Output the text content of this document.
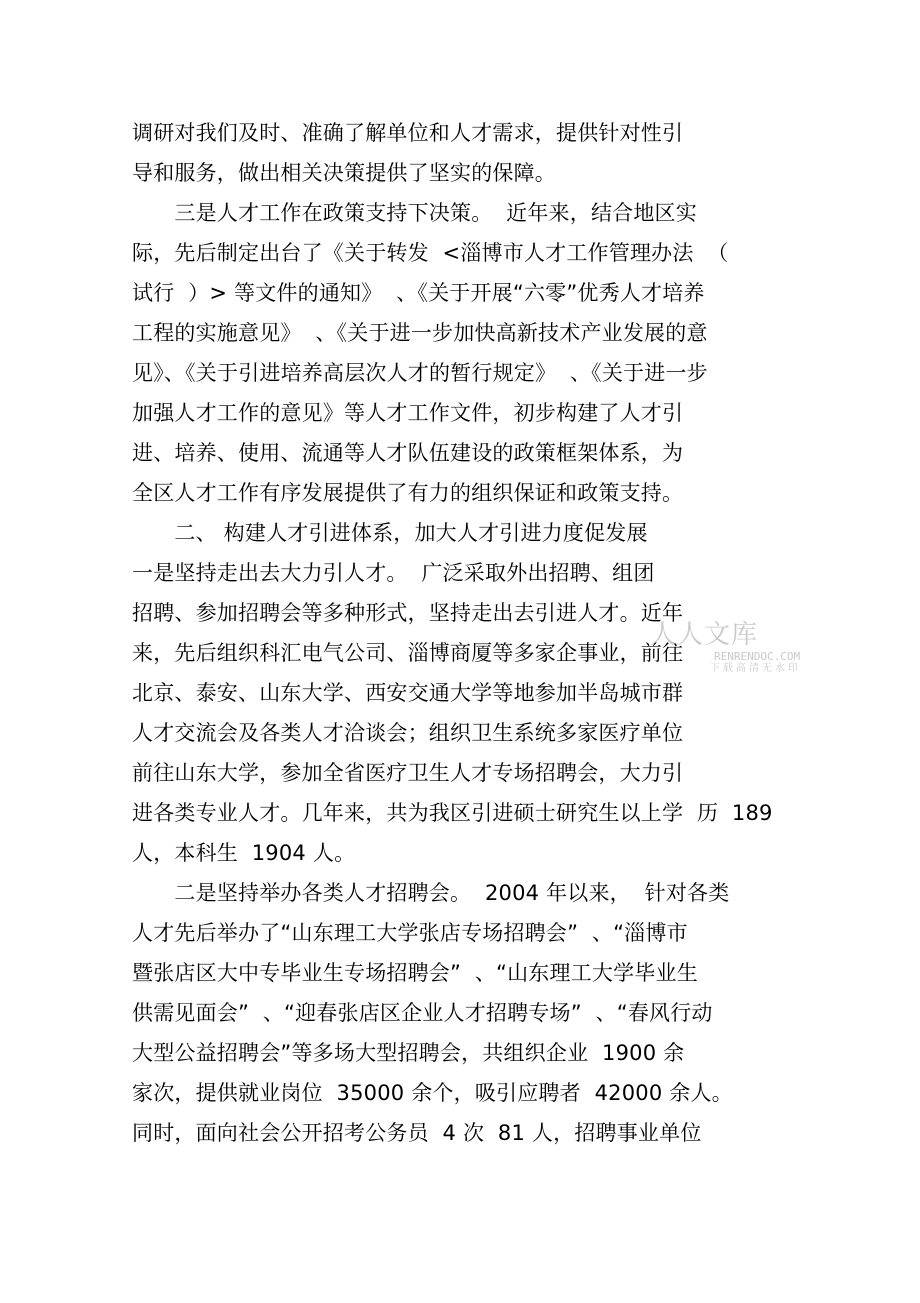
调研对我们及时、准确了解单位和人才需求，提供针对性引
导和服务，做出相关决策提供了坚实的保障。
　　三是人才工作在政策支持下决策。  近年来，结合地区实
际，先后制定出台了《关于转发  <淄博市人才工作管理办法  （
试行  ）> 等文件的通知》  、《关于开展“六零”优秀人才培养
工程的实施意见》  、《关于进一步加快高新技术产业发展的意
见》、《关于引进培养高层次人才的暂行规定》  、《关于进一步
加强人才工作的意见》等人才工作文件，初步构建了人才引
进、培养、使用、流通等人才队伍建设的政策框架体系，为
全区人才工作有序发展提供了有力的组织保证和政策支持。
　　二、 构建人才引进体系，加大人才引进力度促发展
一是坚持走出去大力引人才。  广泛采取外出招聘、组团
招聘、参加招聘会等多种形式，坚持走出去引进人才。近年
来，先后组织科汇电气公司、淄博商厦等多家企事业，前往
北京、泰安、山东大学、西安交通大学等地参加半岛城市群
人才交流会及各类人才洽谈会；组织卫生系统多家医疗单位
前往山东大学，参加全省医疗卫生人才专场招聘会，大力引
进各类专业人才。几年来，共为我区引进硕士研究生以上学  历  189
人，本科生  1904 人。
　　二是坚持举办各类人才招聘会。  2004 年以来，  针对各类
人才先后举办了“山东理工大学张店专场招聘会”  、“淄博市
暨张店区大中专毕业生专场招聘会”  、“山东理工大学毕业生
供需见面会”  、“迎春张店区企业人才招聘专场”  、“春风行动
大型公益招聘会”等多场大型招聘会，共组织企业  1900 余
家次，提供就业岗位  35000 余个，吸引应聘者  42000 余人。
同时，面向社会公开招考公务员  4 次  81 人，招聘事业单位
人人文库
RENRENDOC.COM
下载高清无水印
